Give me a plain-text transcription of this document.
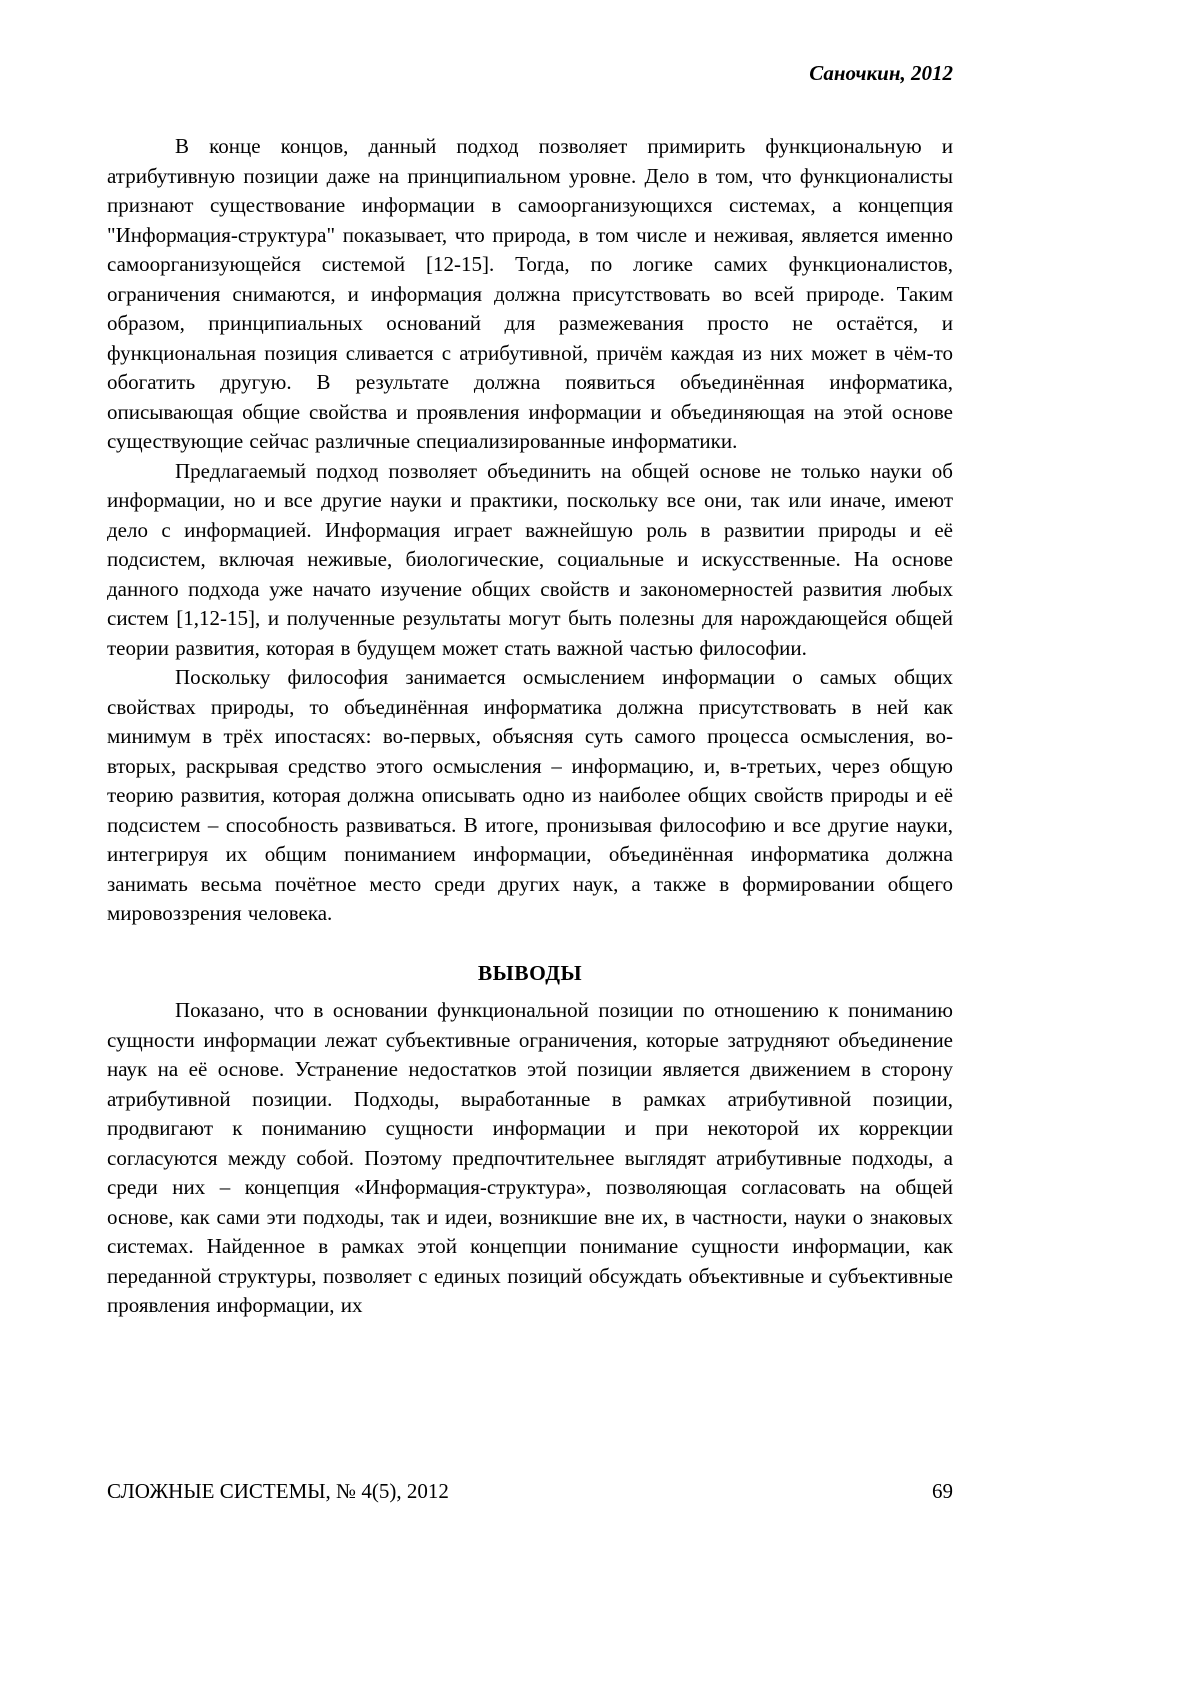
Саночкин, 2012

В конце концов, данный подход позволяет примирить функциональную и атрибутивную позиции даже на принципиальном уровне. Дело в том, что функционалисты признают существование информации в самоорганизующихся системах, а концепция "Информация-структура" показывает, что природа, в том числе и неживая, является именно самоорганизующейся системой [12-15]. Тогда, по логике самих функционалистов, ограничения снимаются, и информация должна присутствовать во всей природе. Таким образом, принципиальных оснований для размежевания просто не остаётся, и функциональная позиция сливается с атрибутивной, причём каждая из них может в чём-то обогатить другую. В результате должна появиться объединённая информатика, описывающая общие свойства и проявления информации и объединяющая на этой основе существующие сейчас различные специализированные информатики.

Предлагаемый подход позволяет объединить на общей основе не только науки об информации, но и все другие науки и практики, поскольку все они, так или иначе, имеют дело с информацией. Информация играет важнейшую роль в развитии природы и её подсистем, включая неживые, биологические, социальные и искусственные. На основе данного подхода уже начато изучение общих свойств и закономерностей развития любых систем [1,12-15], и полученные результаты могут быть полезны для нарождающейся общей теории развития, которая в будущем может стать важной частью философии.

Поскольку философия занимается осмыслением информации о самых общих свойствах природы, то объединённая информатика должна присутствовать в ней как минимум в трёх ипостасях: во-первых, объясняя суть самого процесса осмысления, во-вторых, раскрывая средство этого осмысления – информацию, и, в-третьих, через общую теорию развития, которая должна описывать одно из наиболее общих свойств природы и её подсистем – способность развиваться. В итоге, пронизывая философию и все другие науки, интегрируя их общим пониманием информации, объединённая информатика должна занимать весьма почётное место среди других наук, а также в формировании общего мировоззрения человека.

ВЫВОДЫ

Показано, что в основании функциональной позиции по отношению к пониманию сущности информации лежат субъективные ограничения, которые затрудняют объединение наук на её основе. Устранение недостатков этой позиции является движением в сторону атрибутивной позиции. Подходы, выработанные в рамках атрибутивной позиции, продвигают к пониманию сущности информации и при некоторой их коррекции согласуются между собой. Поэтому предпочтительнее выглядят атрибутивные подходы, а среди них – концепция «Информация-структура», позволяющая согласовать на общей основе, как сами эти подходы, так и идеи, возникшие вне их, в частности, науки о знаковых системах. Найденное в рамках этой концепции понимание сущности информации, как переданной структуры, позволяет с единых позиций обсуждать объективные и субъективные проявления информации, их

СЛОЖНЫЕ СИСТЕМЫ, № 4(5), 2012	69
